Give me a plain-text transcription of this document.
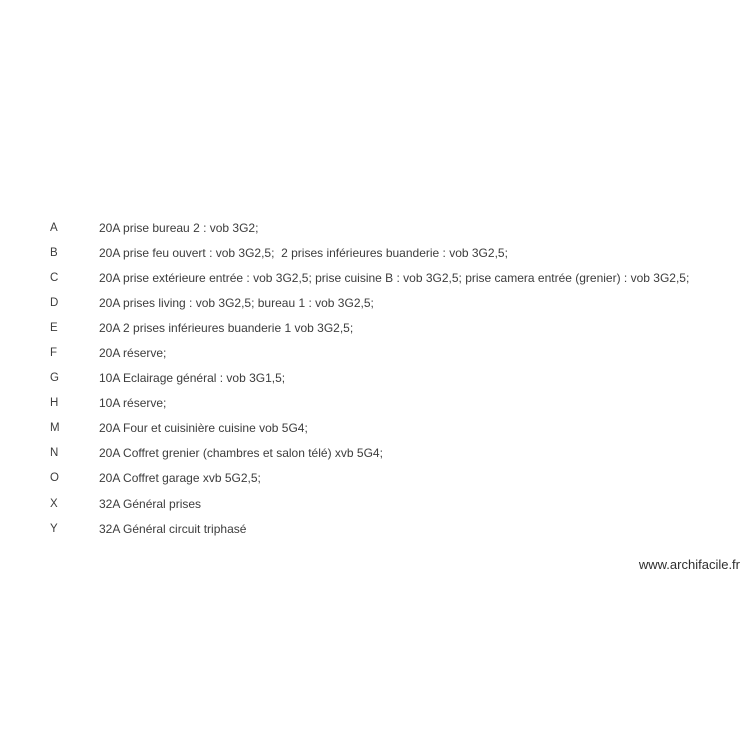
A	20A prise bureau 2 : vob 3G2;
B	20A prise feu ouvert : vob 3G2,5;  2 prises inférieures buanderie : vob 3G2,5;
C	20A prise extérieure entrée : vob 3G2,5; prise cuisine B : vob 3G2,5; prise camera entrée (grenier) : vob 3G2,5;
D	20A prises living : vob 3G2,5; bureau 1 : vob 3G2,5;
E	20A 2 prises inférieures buanderie 1 vob 3G2,5;
F	20A réserve;
G	10A Eclairage général : vob 3G1,5;
H	10A réserve;
M	20A Four et cuisinière cuisine vob 5G4;
N	20A Coffret grenier (chambres et salon télé) xvb 5G4;
O	20A Coffret garage xvb 5G2,5;
X	32A Général prises
Y	32A Général circuit triphasé
www.archifacile.fr
